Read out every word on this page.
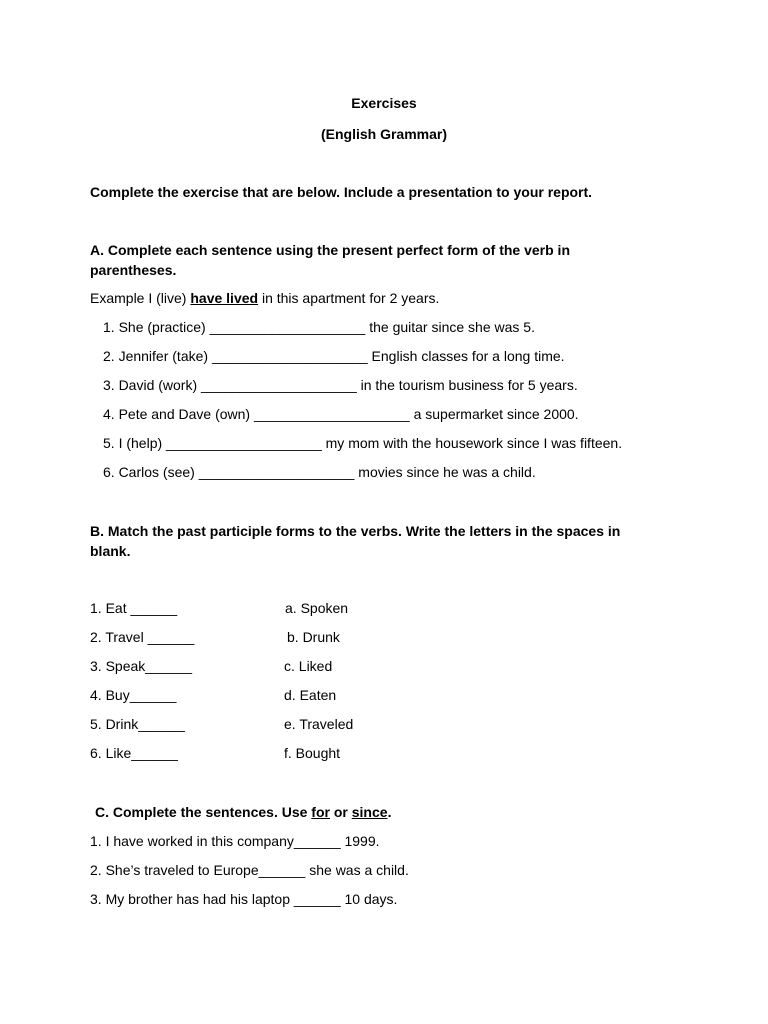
Exercises
(English Grammar)
Complete the exercise that are below. Include a presentation to your report.
A. Complete each sentence using the present perfect form of the verb in
parentheses.
Example I (live) have lived in this apartment for 2 years.
1. She (practice) ____________________ the guitar since she was 5.
2. Jennifer (take) ____________________ English classes for a long time.
3. David (work) ____________________ in the tourism business for 5 years.
4. Pete and Dave (own) ____________________ a supermarket since 2000.
5. I (help) ____________________ my mom with the housework since I was fifteen.
6. Carlos (see) ____________________ movies since he was a child.
B. Match the past participle forms to the verbs. Write the letters in the spaces in
blank.
1. Eat ______
2. Travel ______
3. Speak______
4. Buy______
5. Drink______
6. Like______
a. Spoken
b. Drunk
c. Liked
d. Eaten
e. Traveled
f. Bought
C. Complete the sentences. Use for or since.
1. I have worked in this company______ 1999.
2. She’s traveled to Europe______ she was a child.
3. My brother has had his laptop ______ 10 days.
